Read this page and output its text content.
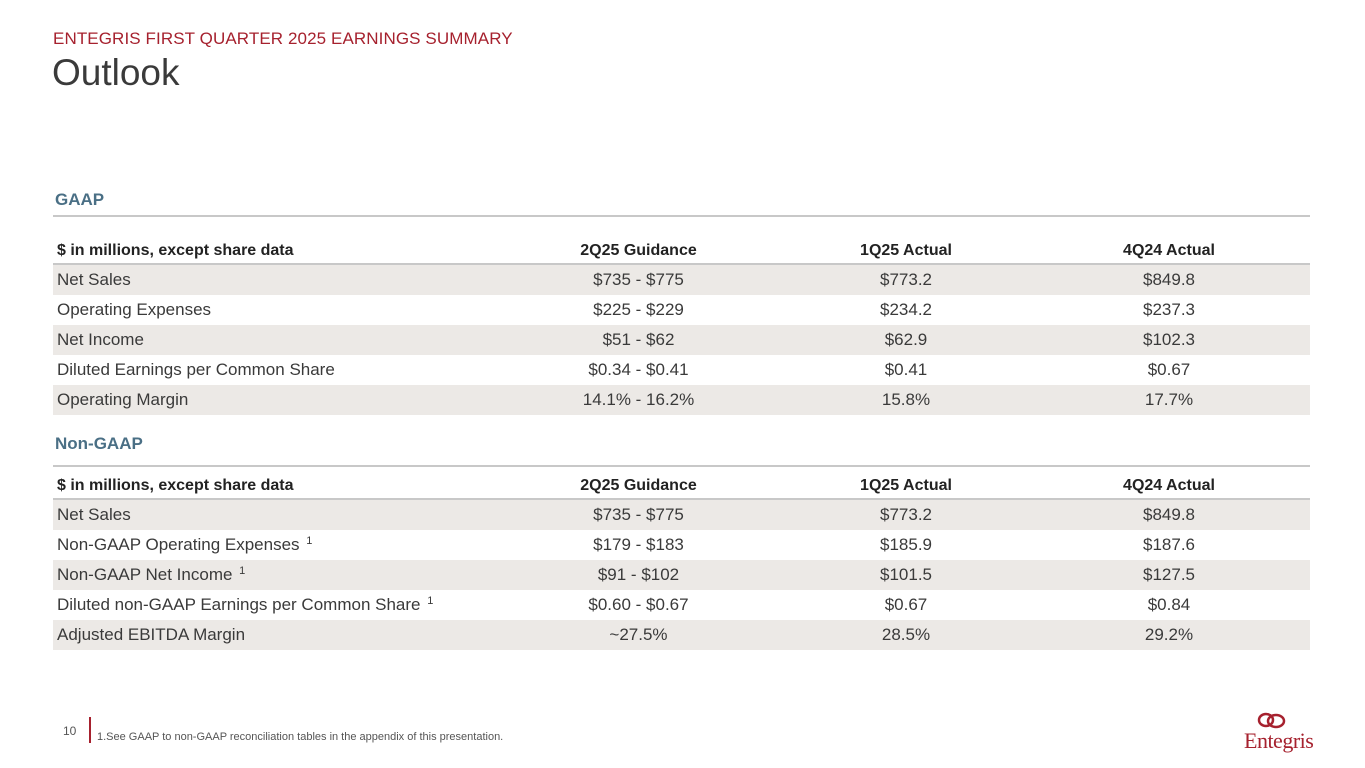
ENTEGRIS FIRST QUARTER 2025 EARNINGS SUMMARY
Outlook
GAAP
$ in millions, except share data	2Q25 Guidance	1Q25 Actual	4Q24 Actual
Net Sales	$735 - $775	$773.2	$849.8
Operating Expenses	$225 - $229	$234.2	$237.3
Net Income	$51 - $62	$62.9	$102.3
Diluted Earnings per Common Share	$0.34 - $0.41	$0.41	$0.67
Operating Margin	14.1% - 16.2%	15.8%	17.7%
Non-GAAP
$ in millions, except share data	2Q25 Guidance	1Q25 Actual	4Q24 Actual
Net Sales	$735 - $775	$773.2	$849.8
Non-GAAP Operating Expenses $^1$	$179 - $183	$185.9	$187.6
Non-GAAP Net Income $^1$	$91 - $102	$101.5	$127.5
Diluted non-GAAP Earnings per Common Share $^1$	$0.60 - $0.67	$0.67	$0.84
Adjusted EBITDA Margin	~27.5%	28.5%	29.2%
10 1.See GAAP to non-GAAP reconciliation tables in the appendix of this presentation.	Entegris
